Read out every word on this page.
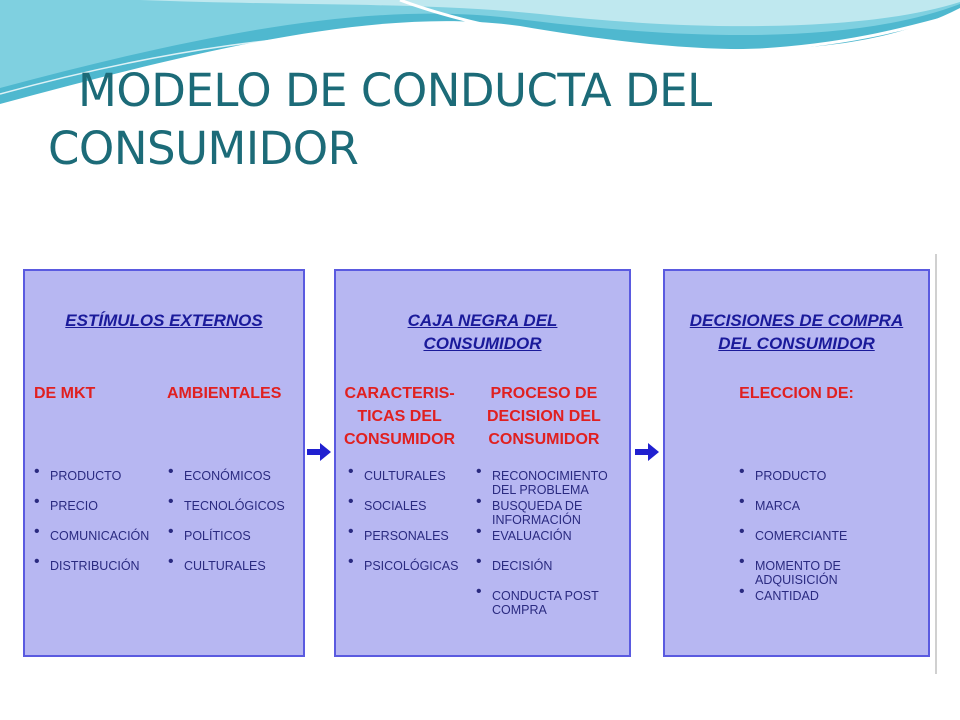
MODELO DE CONDUCTA DEL
CONSUMIDOR
ESTÍMULOS EXTERNOS
DE MKT	AMBIENTALES
• PRODUCTO
• PRECIO
• COMUNICACIÓN
• DISTRIBUCIÓN
• ECONÓMICOS
• TECNOLÓGICOS
• POLÍTICOS
• CULTURALES
CAJA NEGRA DEL
CONSUMIDOR
CARACTERIS-
TICAS DEL
CONSUMIDOR
PROCESO DE
DECISION DEL
CONSUMIDOR
• CULTURALES
• SOCIALES
• PERSONALES
• PSICOLÓGICAS
• RECONOCIMIENTO
DEL PROBLEMA
• BUSQUEDA DE
INFORMACIÓN
• EVALUACIÓN
• DECISIÓN
• CONDUCTA POST
COMPRA
DECISIONES DE COMPRA
DEL CONSUMIDOR
ELECCION DE:
• PRODUCTO
• MARCA
• COMERCIANTE
• MOMENTO DE
ADQUISICIÓN
• CANTIDAD
